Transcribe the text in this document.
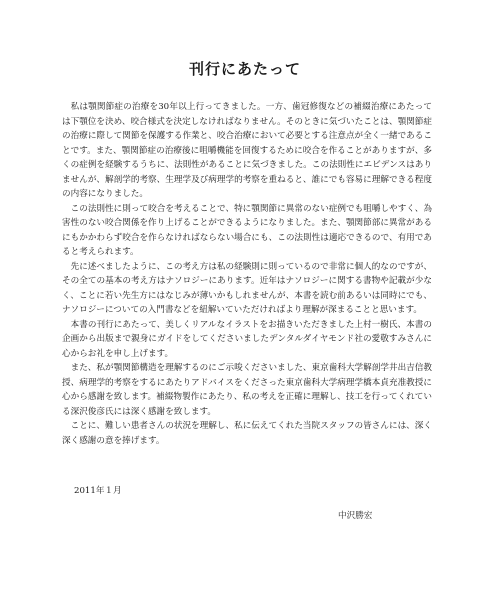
刊行にあたって

私は顎関節症の治療を30年以上行ってきました。一方、歯冠修復などの補綴治療にあたっては下顎位を決め、咬合様式を決定しなければなりません。そのときに気づいたことは、顎関節症の治療に際して関節を保護する作業と、咬合治療において必要とする注意点が全く一緒であることです。また、顎関節症の治療後に咀嚼機能を回復するために咬合を作ることがありますが、多くの症例を経験するうちに、法則性があることに気づきました。この法則性にエビデンスはありませんが、解剖学的考察、生理学及び病理学的考察を重ねると、誰にでも容易に理解できる程度の内容になりました。

この法則性に則って咬合を考えることで、特に顎関節に異常のない症例でも咀嚼しやすく、為害性のない咬合関係を作り上げることができるようになりました。また、顎関節部に異常があるにもかかわらず咬合を作らなければならない場合にも、この法則性は適応できるので、有用であると考えられます。

先に述べましたように、この考え方は私の経験則に則っているので非常に個人的なのですが、その全ての基本の考え方はナソロジーにあります。近年はナソロジーに関する書物や記載が少なく、ことに若い先生方にはなじみが薄いかもしれませんが、本書を読む前あるいは同時にでも、ナソロジーについての入門書などを紐解いていただければより理解が深まることと思います。

本書の刊行にあたって、美しくリアルなイラストをお描きいただきました上村一樹氏、本書の企画から出版まで親身にガイドをしてくださいましたデンタルダイヤモンド社の愛敬すみさんに心からお礼を申し上げます。

また、私が顎関節構造を理解するのにご示唆くださいました、東京歯科大学解剖学井出吉信教授、病理学的考察をするにあたりアドバイスをくださった東京歯科大学病理学橋本貞充准教授に心から感謝を致します。補綴物製作にあたり、私の考えを正確に理解し、技工を行ってくれている深沢俊彦氏には深く感謝を致します。

ことに、難しい患者さんの状況を理解し、私に伝えてくれた当院スタッフの皆さんには、深く深く感謝の意を捧げます。

2011年１月
中沢勝宏
